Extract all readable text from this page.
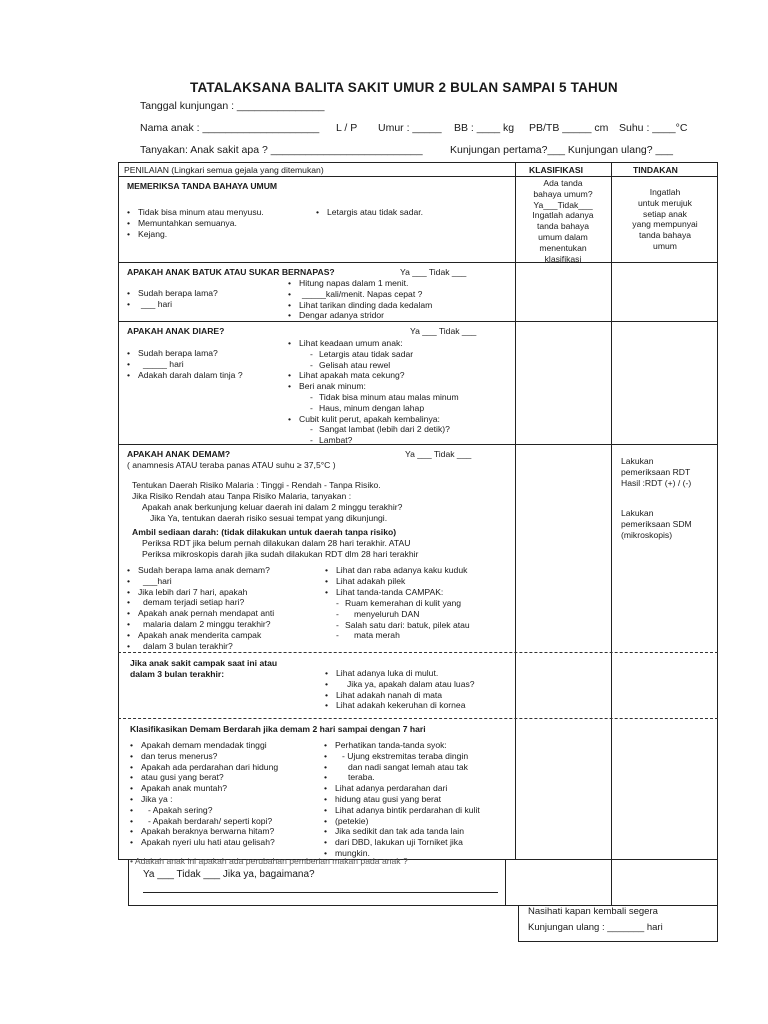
TATALAKSANA BALITA SAKIT UMUR 2 BULAN SAMPAI 5 TAHUN
Tanggal kunjungan : _______________
Nama anak : ____________________ L / P Umur : _____ BB : ____ kg PB/TB _____ cm Suhu : ____°C
Tanyakan: Anak sakit apa ? __________________________	Kunjungan pertama?___ Kunjungan ulang? ___
PENILAIAN (Lingkari semua gejala yang ditemukan)	KLASIFIKASI	TINDAKAN
MEMERIKSA TANDA BAHAYA UMUM
• Tidak bisa minum atau menyusu.
• Memuntahkan semuanya.
• Kejang.
• Letargis atau tidak sadar.
Ada tanda
bahaya umum?
Ya___Tidak___
Ingatlah adanya
tanda bahaya
umum dalam
menentukan
klasifikasi
Ingatlah
untuk merujuk
setiap anak
yang mempunyai
tanda bahaya
umum
APAKAH ANAK BATUK ATAU SUKAR BERNAPAS?	Ya ___ Tidak ___
• Sudah berapa lama?
• ___ hari
• Hitung napas dalam 1 menit.
• _____kali/menit. Napas cepat ?
• Lihat tarikan dinding dada kedalam
• Dengar adanya stridor
APAKAH ANAK DIARE?	Ya ___ Tidak ___
• Sudah berapa lama?
• _____ hari
• Adakah darah dalam tinja ?
• Lihat keadaan umum anak:
- Letargis atau tidak sadar
- Gelisah atau rewel
• Lihat apakah mata cekung?
• Beri anak minum:
- Tidak bisa minum atau malas minum
- Haus, minum dengan lahap
• Cubit kulit perut, apakah kembalinya:
- Sangat lambat (lebih dari 2 detik)?
- Lambat?
APAKAH ANAK DEMAM?	Ya ___ Tidak ___
( anamnesis ATAU teraba panas ATAU suhu ≥ 37,5°C )
Tentukan Daerah Risiko Malaria : Tinggi - Rendah - Tanpa Risiko.
Jika Risiko Rendah atau Tanpa Risiko Malaria, tanyakan :
Apakah anak berkunjung keluar daerah ini dalam 2 minggu terakhir?
Jika Ya, tentukan daerah risiko sesuai tempat yang dikunjungi.
Ambil sediaan darah: (tidak dilakukan untuk daerah tanpa risiko)
Periksa RDT jika belum pernah dilakukan dalam 28 hari terakhir. ATAU
Periksa mikroskopis darah jika sudah dilakukan RDT dlm 28 hari terakhir
• Sudah berapa lama anak demam?
• ___hari
• Jika lebih dari 7 hari, apakah
• demam terjadi setiap hari?
• Apakah anak pernah mendapat anti
• malaria dalam 2 minggu terakhir?
• Apakah anak menderita campak
• dalam 3 bulan terakhir?
• Lihat dan raba adanya kaku kuduk
• Lihat adakah pilek
• Lihat tanda-tanda CAMPAK:
- Ruam kemerahan di kulit yang
- menyeluruh DAN
- Salah satu dari: batuk, pilek atau
- mata merah
Lakukan
pemeriksaan RDT
Hasil :RDT (+) / (-)
Lakukan
pemeriksaan SDM
(mikroskopis)
Jika anak sakit campak saat ini atau
dalam 3 bulan terakhir:
•	Lihat adanya luka di mulut.
• Jika ya, apakah dalam atau luas?
• Lihat adakah nanah di mata
• Lihat adakah kekeruhan di kornea
Klasifikasikan Demam Berdarah jika demam 2 hari sampai dengan 7 hari
• Apakah demam mendadak tinggi
• dan terus menerus?
• Apakah ada perdarahan dari hidung
• atau gusi yang berat?
• Apakah anak muntah?
• Jika ya :
• - Apakah sering?
• - Apakah berdarah/ seperti kopi?
• Apakah beraknya berwarna hitam?
• Apakah nyeri ulu hati atau gelisah?
• Perhatikan tanda-tanda syok:
• - Ujung ekstremitas teraba dingin
• dan nadi sangat lemah atau tak
• teraba.
• Lihat adanya perdarahan dari
• hidung atau gusi yang berat
• Lihat adanya bintik perdarahan di kulit
• (petekie)
• Jika sedikit dan tak ada tanda lain
• dari DBD, lakukan uji Torniket jika
• mungkin.
• Adakah anak ini apakah ada perubahan pemberian makan pada anak ?
Ya ___ Tidak ___ Jika ya, bagaimana?
Nasihati kapan kembali segera
Kunjungan ulang : _______ hari
